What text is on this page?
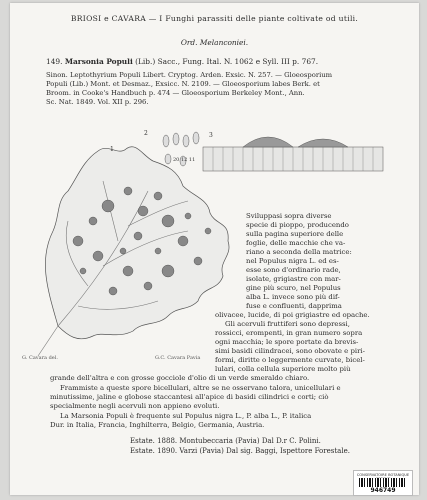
BRIOSI e CAVARA — I Funghi parassiti delle piante coltivate od utili.
Ord. Melanconiei.
149. Marsonia Populi (Lib.) Sacc., Fung. Ital. N. 1062 e Syll. III p. 767.
Sinon. Leptothyrium Populi Libert. Cryptog. Arden. Exsic. N. 257. — Gloeosporium
Populi (Lib.) Mont. et Desmaz., Exsicc. N. 2109. — Gloeosporium labes Berk. et
Broom. in Cooke's Handbuch p. 474 — Gloeosporium Berkeley Mont., Ann.
Sc. Nat. 1849. Vol. XII p. 296.
2
20 12 11
1
3
G. Cavara del.	G.C. Cavara Pavia
Sviluppasi sopra diverse
specie di pioppo, producendo
sulla pagina superiore delle
foglie, delle macchie che va-
riano a seconda della matrice:
nel Populus nigra L. ed es-
esse sono d'ordinario rade,
isolate, grigiastre con mar-
gine più scuro, nel Populus
alba L. invece sono più dif-
fuse e confluenti, dapprima
olivacee, lucide, di poi grigiastre ed opache.
Gli acervuli fruttiferi sono depressi,
rossicci, erompenti, in gran numero sopra
ogni macchia; le spore portate da brevis-
simi basidi cilindracei, sono obovate e piri-
formi, diritte o leggermente curvate, bicel-
lulari, colla cellula superiore molto più
grande dell'altra e con grosse gocciole d'olio di un verde smeraldo chiaro.
Frammiste a queste spore bicellulari, altre se ne osservano talora, unicellulari e
minutissime, jaline e globose staccantesi all'apice di basidi cilindrici e corti; ciò
specialmente negli acervuli non appieno evoluti.
La Marsonia Populi è frequente sul Populus nigra L., P. alba L., P. italica
Dur. in Italia, Francia, Inghilterra, Belgio, Germania, Austria.
Estate. 1888. Montubeccaria (Pavia) Dal D.r C. Polini.
Estate. 1890. Varzi (Pavia) Dal sig. Baggi, Ispettore Forestale.
CONSERVATOIRE BOTANIQUE
946749
